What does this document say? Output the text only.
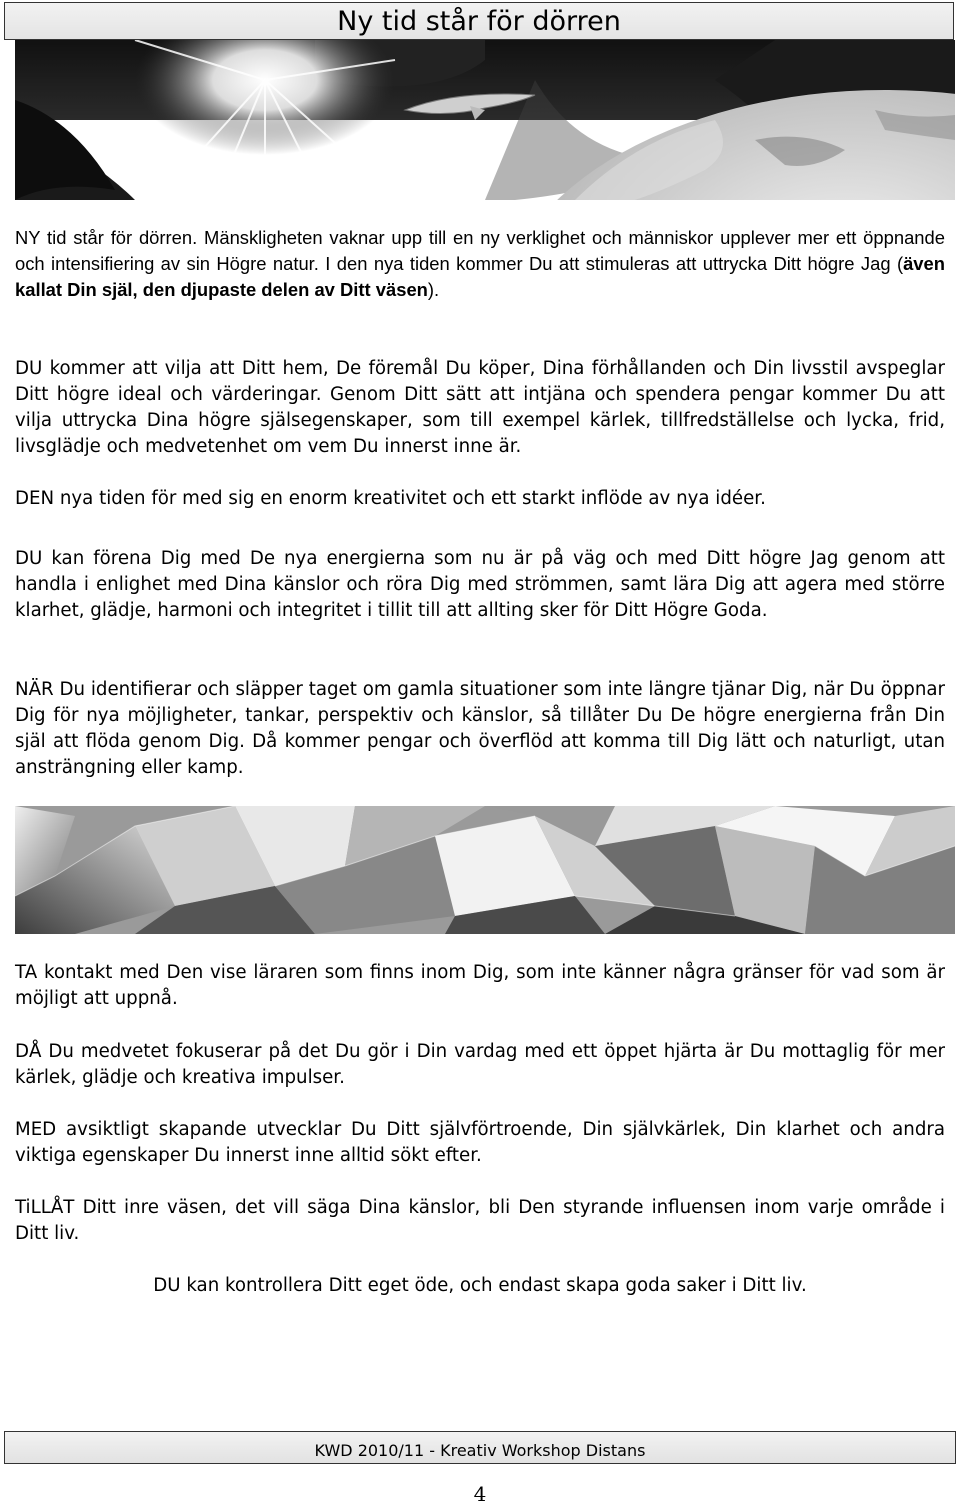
Ny tid står för dörren

NY tid står för dörren. Mänskligheten vaknar upp till en ny verklighet och människor upplever mer ett öppnande och intensifiering av sin Högre natur. I den nya tiden kommer Du att stimuleras att uttrycka Ditt högre Jag (även kallat Din själ, den djupaste delen av Ditt väsen).

DU kommer att vilja att Ditt hem, De föremål Du köper, Dina förhållanden och Din livsstil avspeglar Ditt högre ideal och värderingar. Genom Ditt sätt att intjäna och spendera pengar kommer Du att vilja uttrycka Dina högre själsegenskaper, som till exempel kärlek, tillfredställelse och lycka, frid, livsglädje och medvetenhet om vem Du innerst inne är.

DEN nya tiden för med sig en enorm kreativitet och ett starkt inflöde av nya idéer.

DU kan förena Dig med De nya energierna som nu är på väg och med Ditt högre Jag genom att handla i enlighet med Dina känslor och röra Dig med strömmen, samt lära Dig att agera med större klarhet, glädje, harmoni och integritet i tillit till att allting sker för Ditt Högre Goda.

NÄR Du identifierar och släpper taget om gamla situationer som inte längre tjänar Dig, när Du öppnar Dig för nya möjligheter, tankar, perspektiv och känslor, så tillåter Du De högre energierna från Din själ att flöda genom Dig. Då kommer pengar och överflöd att komma till Dig lätt och naturligt, utan ansträngning eller kamp.

TA kontakt med Den vise läraren som finns inom Dig, som inte känner några gränser för vad som är möjligt att uppnå.

DÅ Du medvetet fokuserar på det Du gör i Din vardag med ett öppet hjärta är Du mottaglig för mer kärlek, glädje och kreativa impulser.

MED avsiktligt skapande utvecklar Du Ditt självförtroende, Din självkärlek, Din klarhet och andra viktiga egenskaper Du innerst inne alltid sökt efter.

TiLLÅT Ditt inre väsen, det vill säga Dina känslor, bli Den styrande influensen inom varje område i Ditt liv.

DU kan kontrollera Ditt eget öde, och endast skapa goda saker i Ditt liv.

KWD 2010/11 - Kreativ Workshop Distans
4
